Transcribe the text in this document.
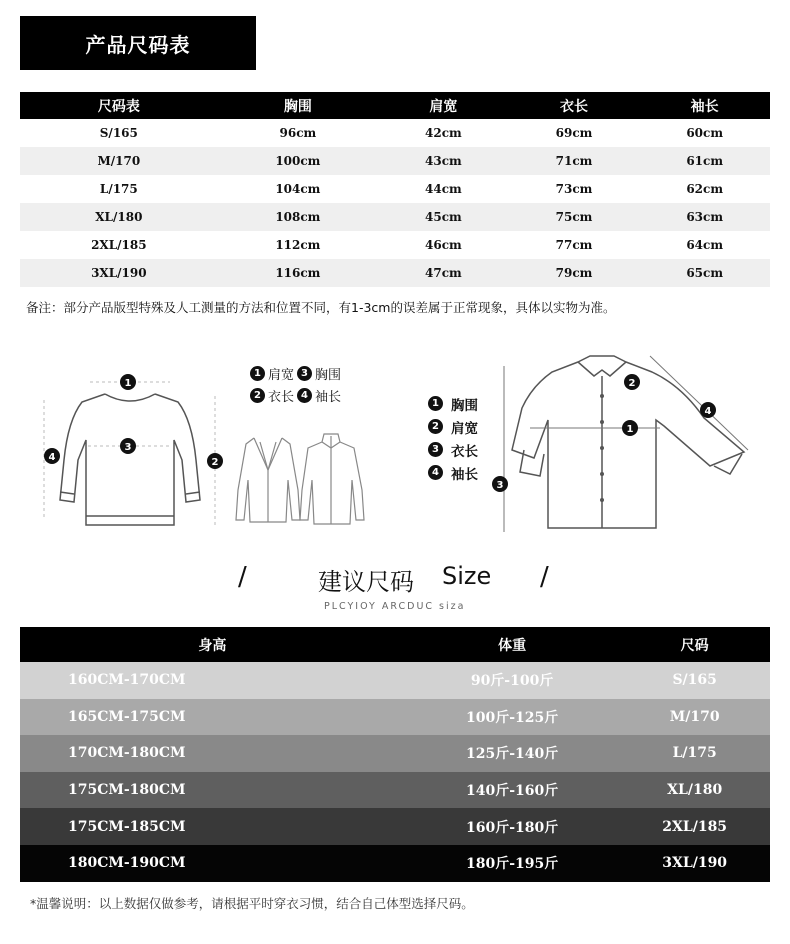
产品尺码表
尺码表	胸围	肩宽	衣长	袖长
S/165	96cm	42cm	69cm	60cm
M/170	100cm	43cm	71cm	61cm
L/175	104cm	44cm	73cm	62cm
XL/180	108cm	45cm	75cm	63cm
2XL/185	112cm	46cm	77cm	64cm
3XL/190	116cm	47cm	79cm	65cm
备注：部分产品版型特殊及人工测量的方法和位置不同，有1-3cm的误差属于正常现象，具体以实物为准。
1
3
2
4
1 肩宽 3 胸围
2 衣长 4 袖长
1
2
3
4
1 胸围
2 肩宽
3 衣长
4 袖长
/	建议尺码 Size /
PLCYIOY ARCDUC siza
身高	体重	尺码
160CM-170CM	90斤-100斤	S/165
165CM-175CM	100斤-125斤	M/170
170CM-180CM	125斤-140斤	L/175
175CM-180CM	140斤-160斤	XL/180
175CM-185CM	160斤-180斤	2XL/185
180CM-190CM	180斤-195斤	3XL/190
*温馨说明：以上数据仅做参考，请根据平时穿衣习惯，结合自己体型选择尺码。
